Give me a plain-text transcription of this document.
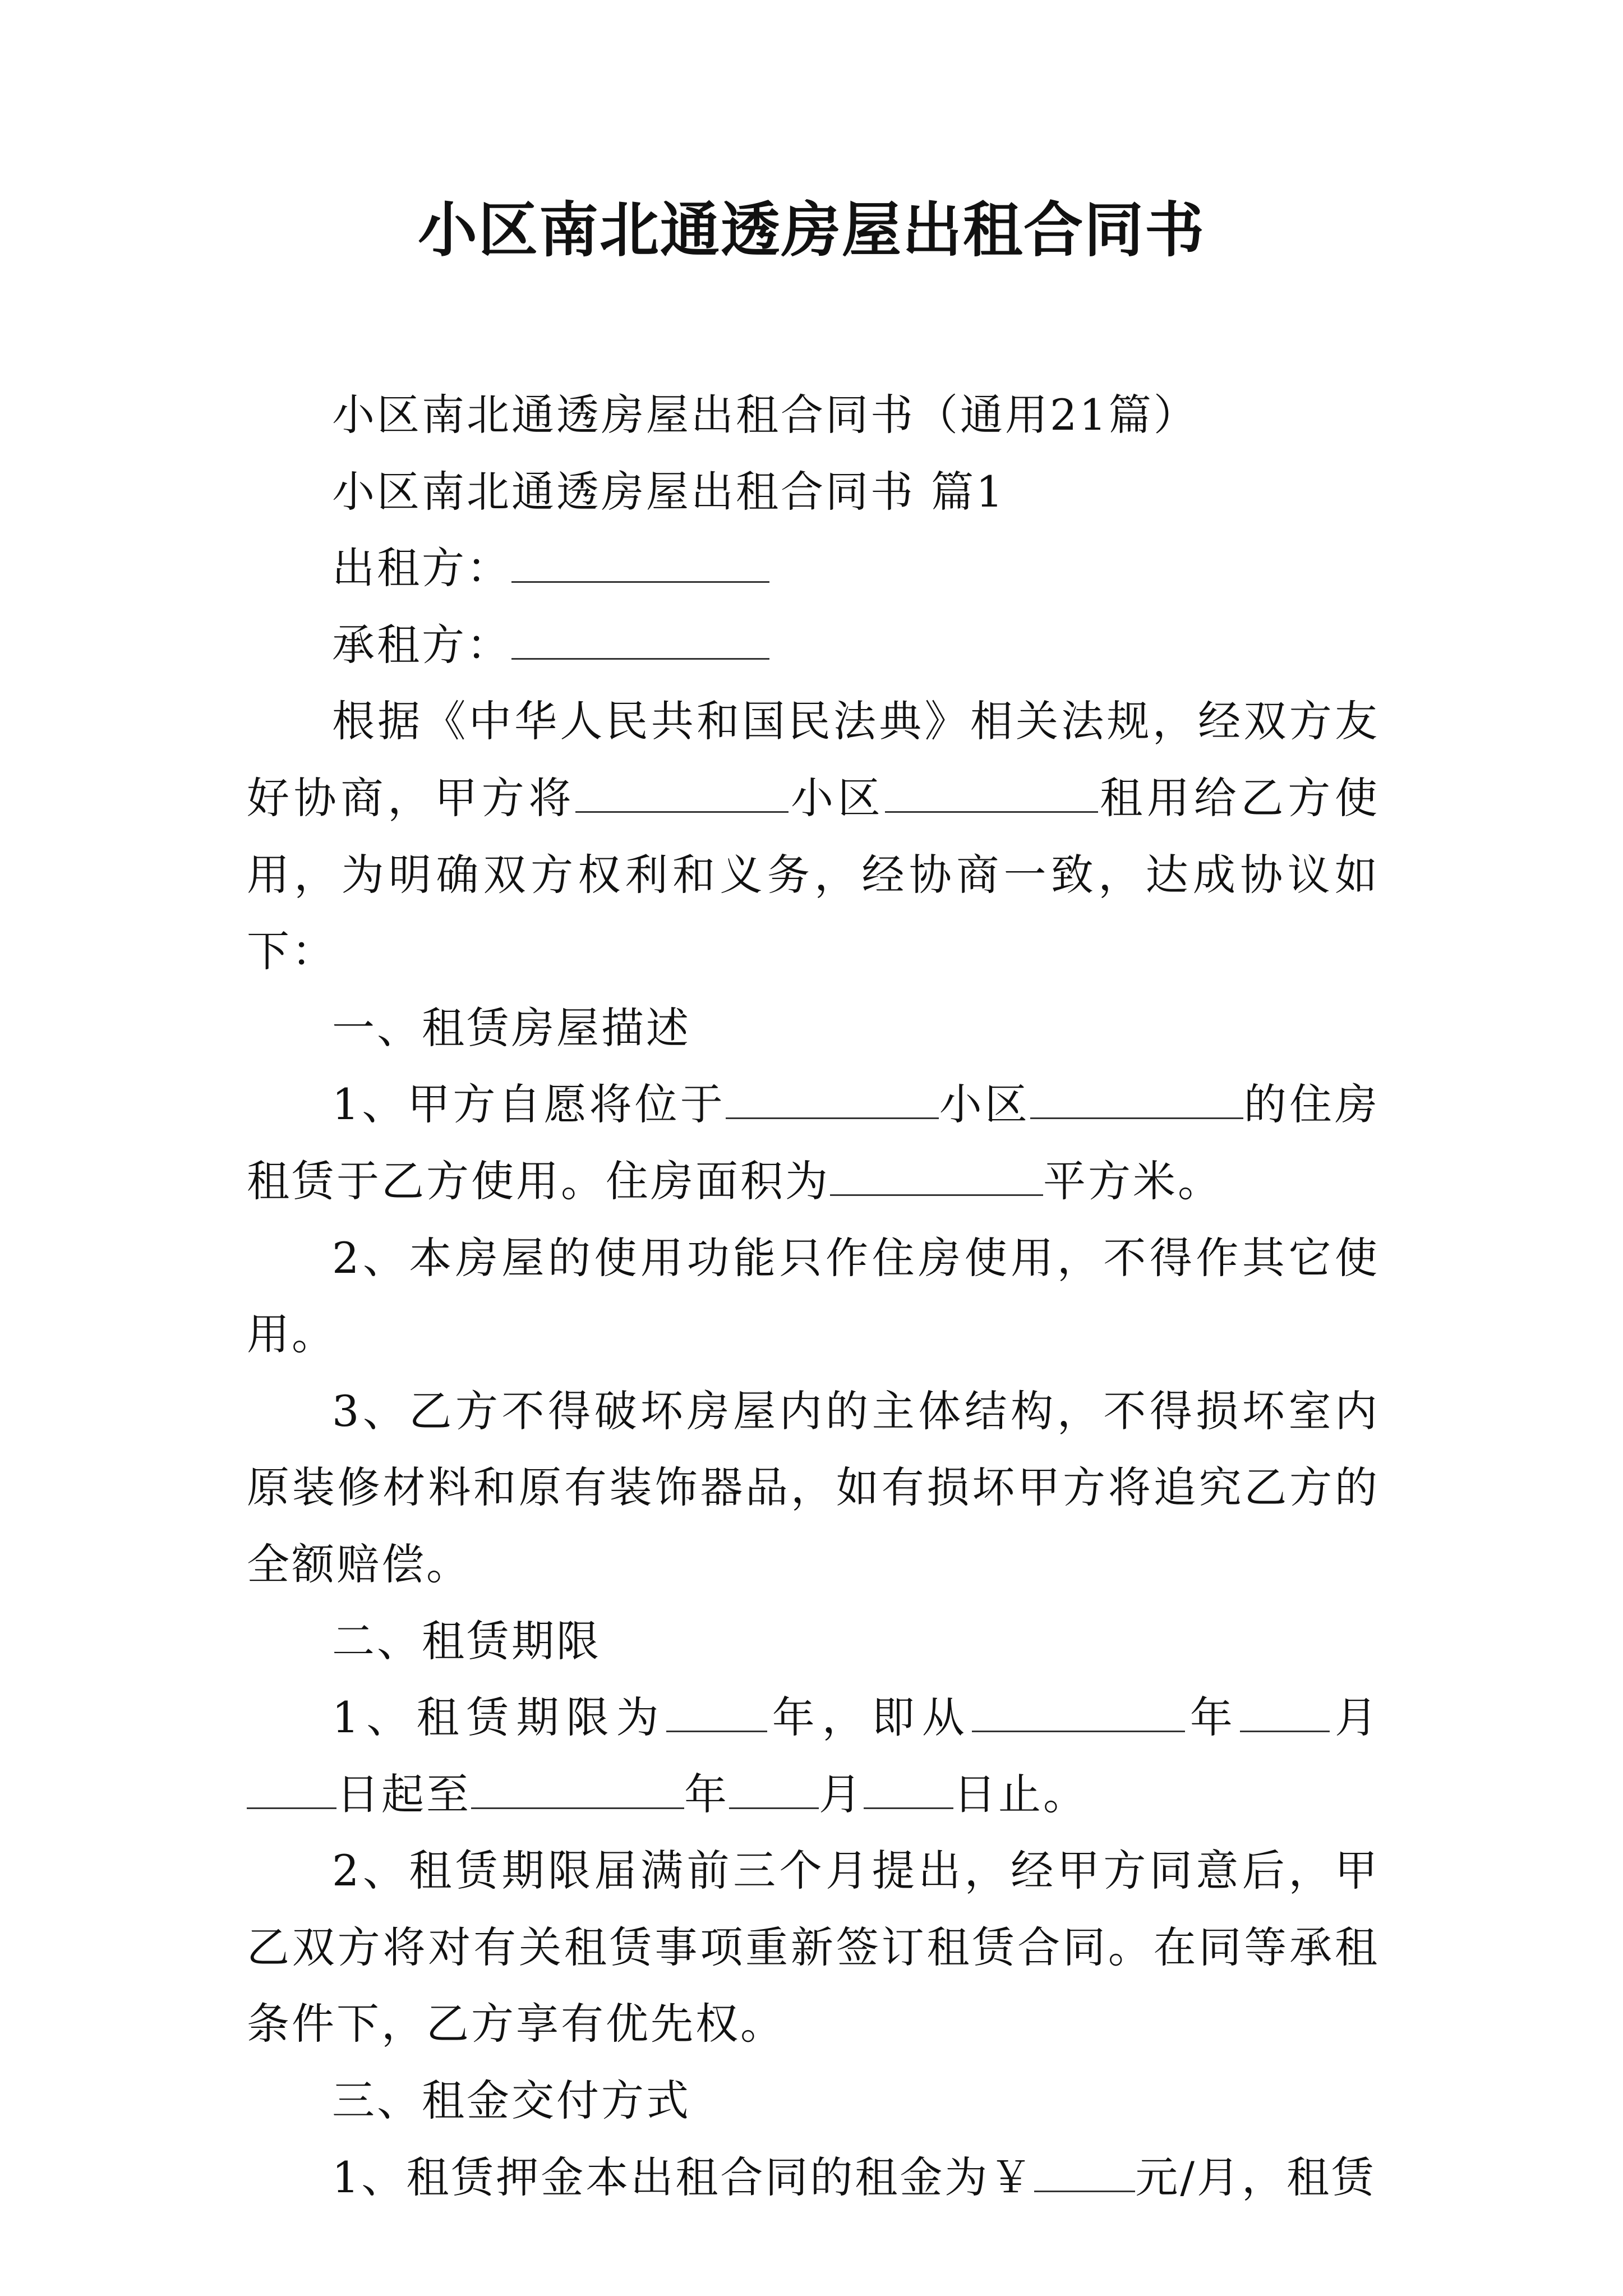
小区南北通透房屋出租合同书

小区南北通透房屋出租合同书（通用21篇）

小区南北通透房屋出租合同书 篇1

出租方：

承租方：

根据《中华人民共和国民法典》相关法规，经双方友好协商，甲方将	小区	租用给乙方使用，为明确双方权利和义务，经协商一致，达成协议如下：

一、租赁房屋描述

1、甲方自愿将位于	小区	的住房租赁于乙方使用。住房面积为	平方米。

2、本房屋的使用功能只作住房使用，不得作其它使用。

3、乙方不得破坏房屋内的主体结构，不得损坏室内原装修材料和原有装饰器品，如有损坏甲方将追究乙方的全额赔偿。

二、租赁期限

1、租赁期限为 年，即从	年 月日起至	年 月 日止。

2、租赁期限届满前三个月提出，经甲方同意后，甲乙双方将对有关租赁事项重新签订租赁合同。在同等承租条件下，乙方享有优先权。

三、租金交付方式

1、租赁押金本出租合同的租金为￥ 元/月，租赁
